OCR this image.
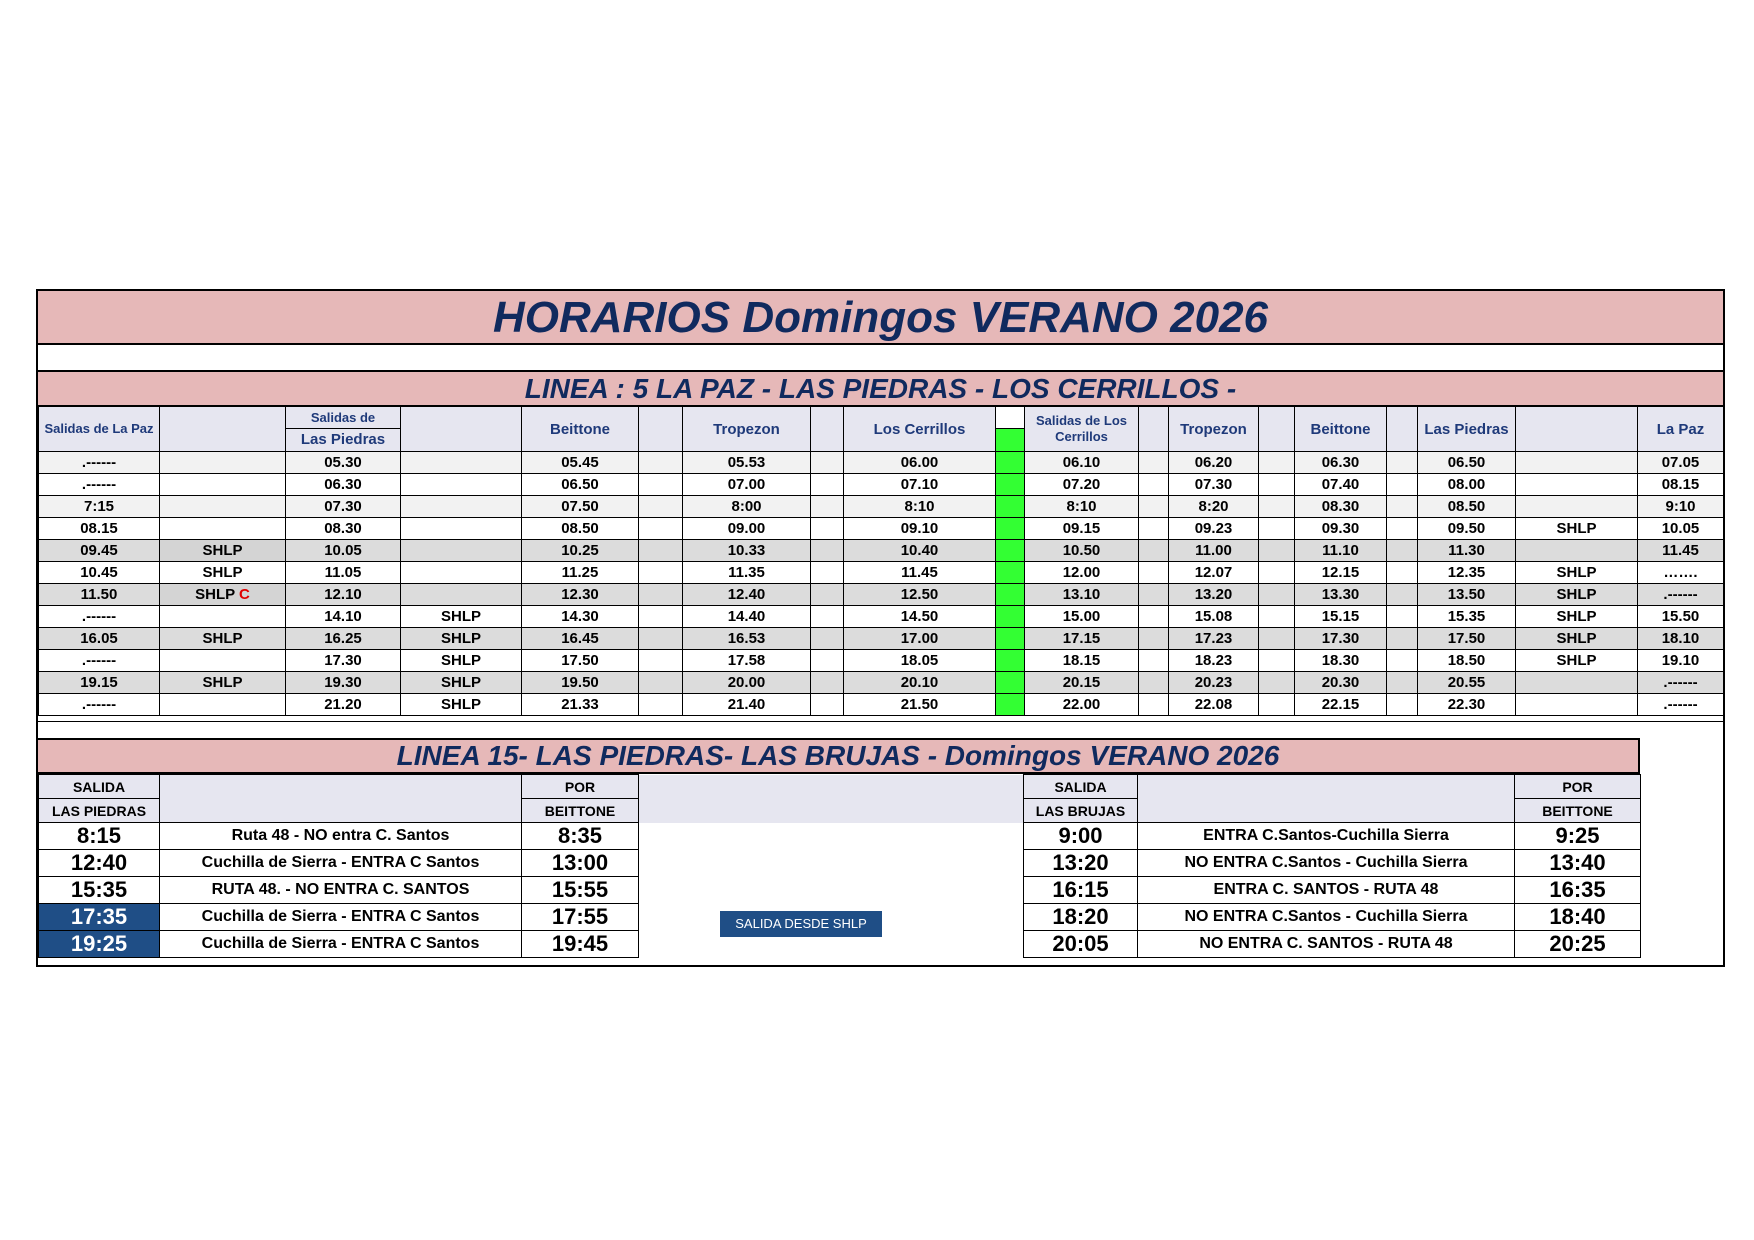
HORARIOS Domingos VERANO 2026
LINEA : 5 LA PAZ - LAS PIEDRAS - LOS CERRILLOS -
Salidas de La Paz		Salidas de
Las Piedras		Beittone		Tropezon		Los Cerrillos		Salidas de Los Cerrillos		Tropezon		Beittone		Las Piedras		La Paz
.------		05.30		05.45		05.53		06.00		06.10		06.20		06.30		06.50		07.05
.------		06.30		06.50		07.00		07.10		07.20		07.30		07.40		08.00		08.15
7:15		07.30		07.50		8:00		8:10		8:10		8:20		08.30		08.50		9:10
08.15		08.30		08.50		09.00		09.10		09.15		09.23		09.30		09.50	SHLP	10.05
09.45	SHLP	10.05		10.25		10.33		10.40		10.50		11.00		11.10		11.30		11.45
10.45	SHLP	11.05		11.25		11.35		11.45		12.00		12.07		12.15		12.35	SHLP	…….
11.50	SHLP C	12.10		12.30		12.40		12.50		13.10		13.20		13.30		13.50	SHLP	.------
.------		14.10	SHLP	14.30		14.40		14.50		15.00		15.08		15.15		15.35	SHLP	15.50
16.05	SHLP	16.25	SHLP	16.45		16.53		17.00		17.15		17.23		17.30		17.50	SHLP	18.10
.------		17.30	SHLP	17.50		17.58		18.05		18.15		18.23		18.30		18.50	SHLP	19.10
19.15	SHLP	19.30	SHLP	19.50		20.00		20.10		20.15		20.23		20.30		20.55		.------
.------		21.20	SHLP	21.33		21.40		21.50		22.00		22.08		22.15		22.30		.------
LINEA 15- LAS PIEDRAS- LAS BRUJAS - Domingos VERANO 2026
SALIDA		POR		SALIDA		POR
LAS PIEDRAS		BEITTONE		LAS BRUJAS		BEITTONE
8:15	Ruta 48 - NO entra C. Santos	8:35		9:00	ENTRA C.Santos-Cuchilla Sierra	9:25
12:40	Cuchilla de Sierra - ENTRA C Santos	13:00		13:20	NO ENTRA C.Santos - Cuchilla Sierra	13:40
15:35	RUTA 48. - NO ENTRA C. SANTOS	15:55		16:15	ENTRA C. SANTOS - RUTA 48	16:35
17:35	Cuchilla de Sierra - ENTRA C Santos	17:55		18:20	NO ENTRA C.Santos - Cuchilla Sierra	18:40
19:25	Cuchilla de Sierra - ENTRA C Santos	19:45		20:05	NO ENTRA C. SANTOS - RUTA 48	20:25
SALIDA DESDE SHLP
